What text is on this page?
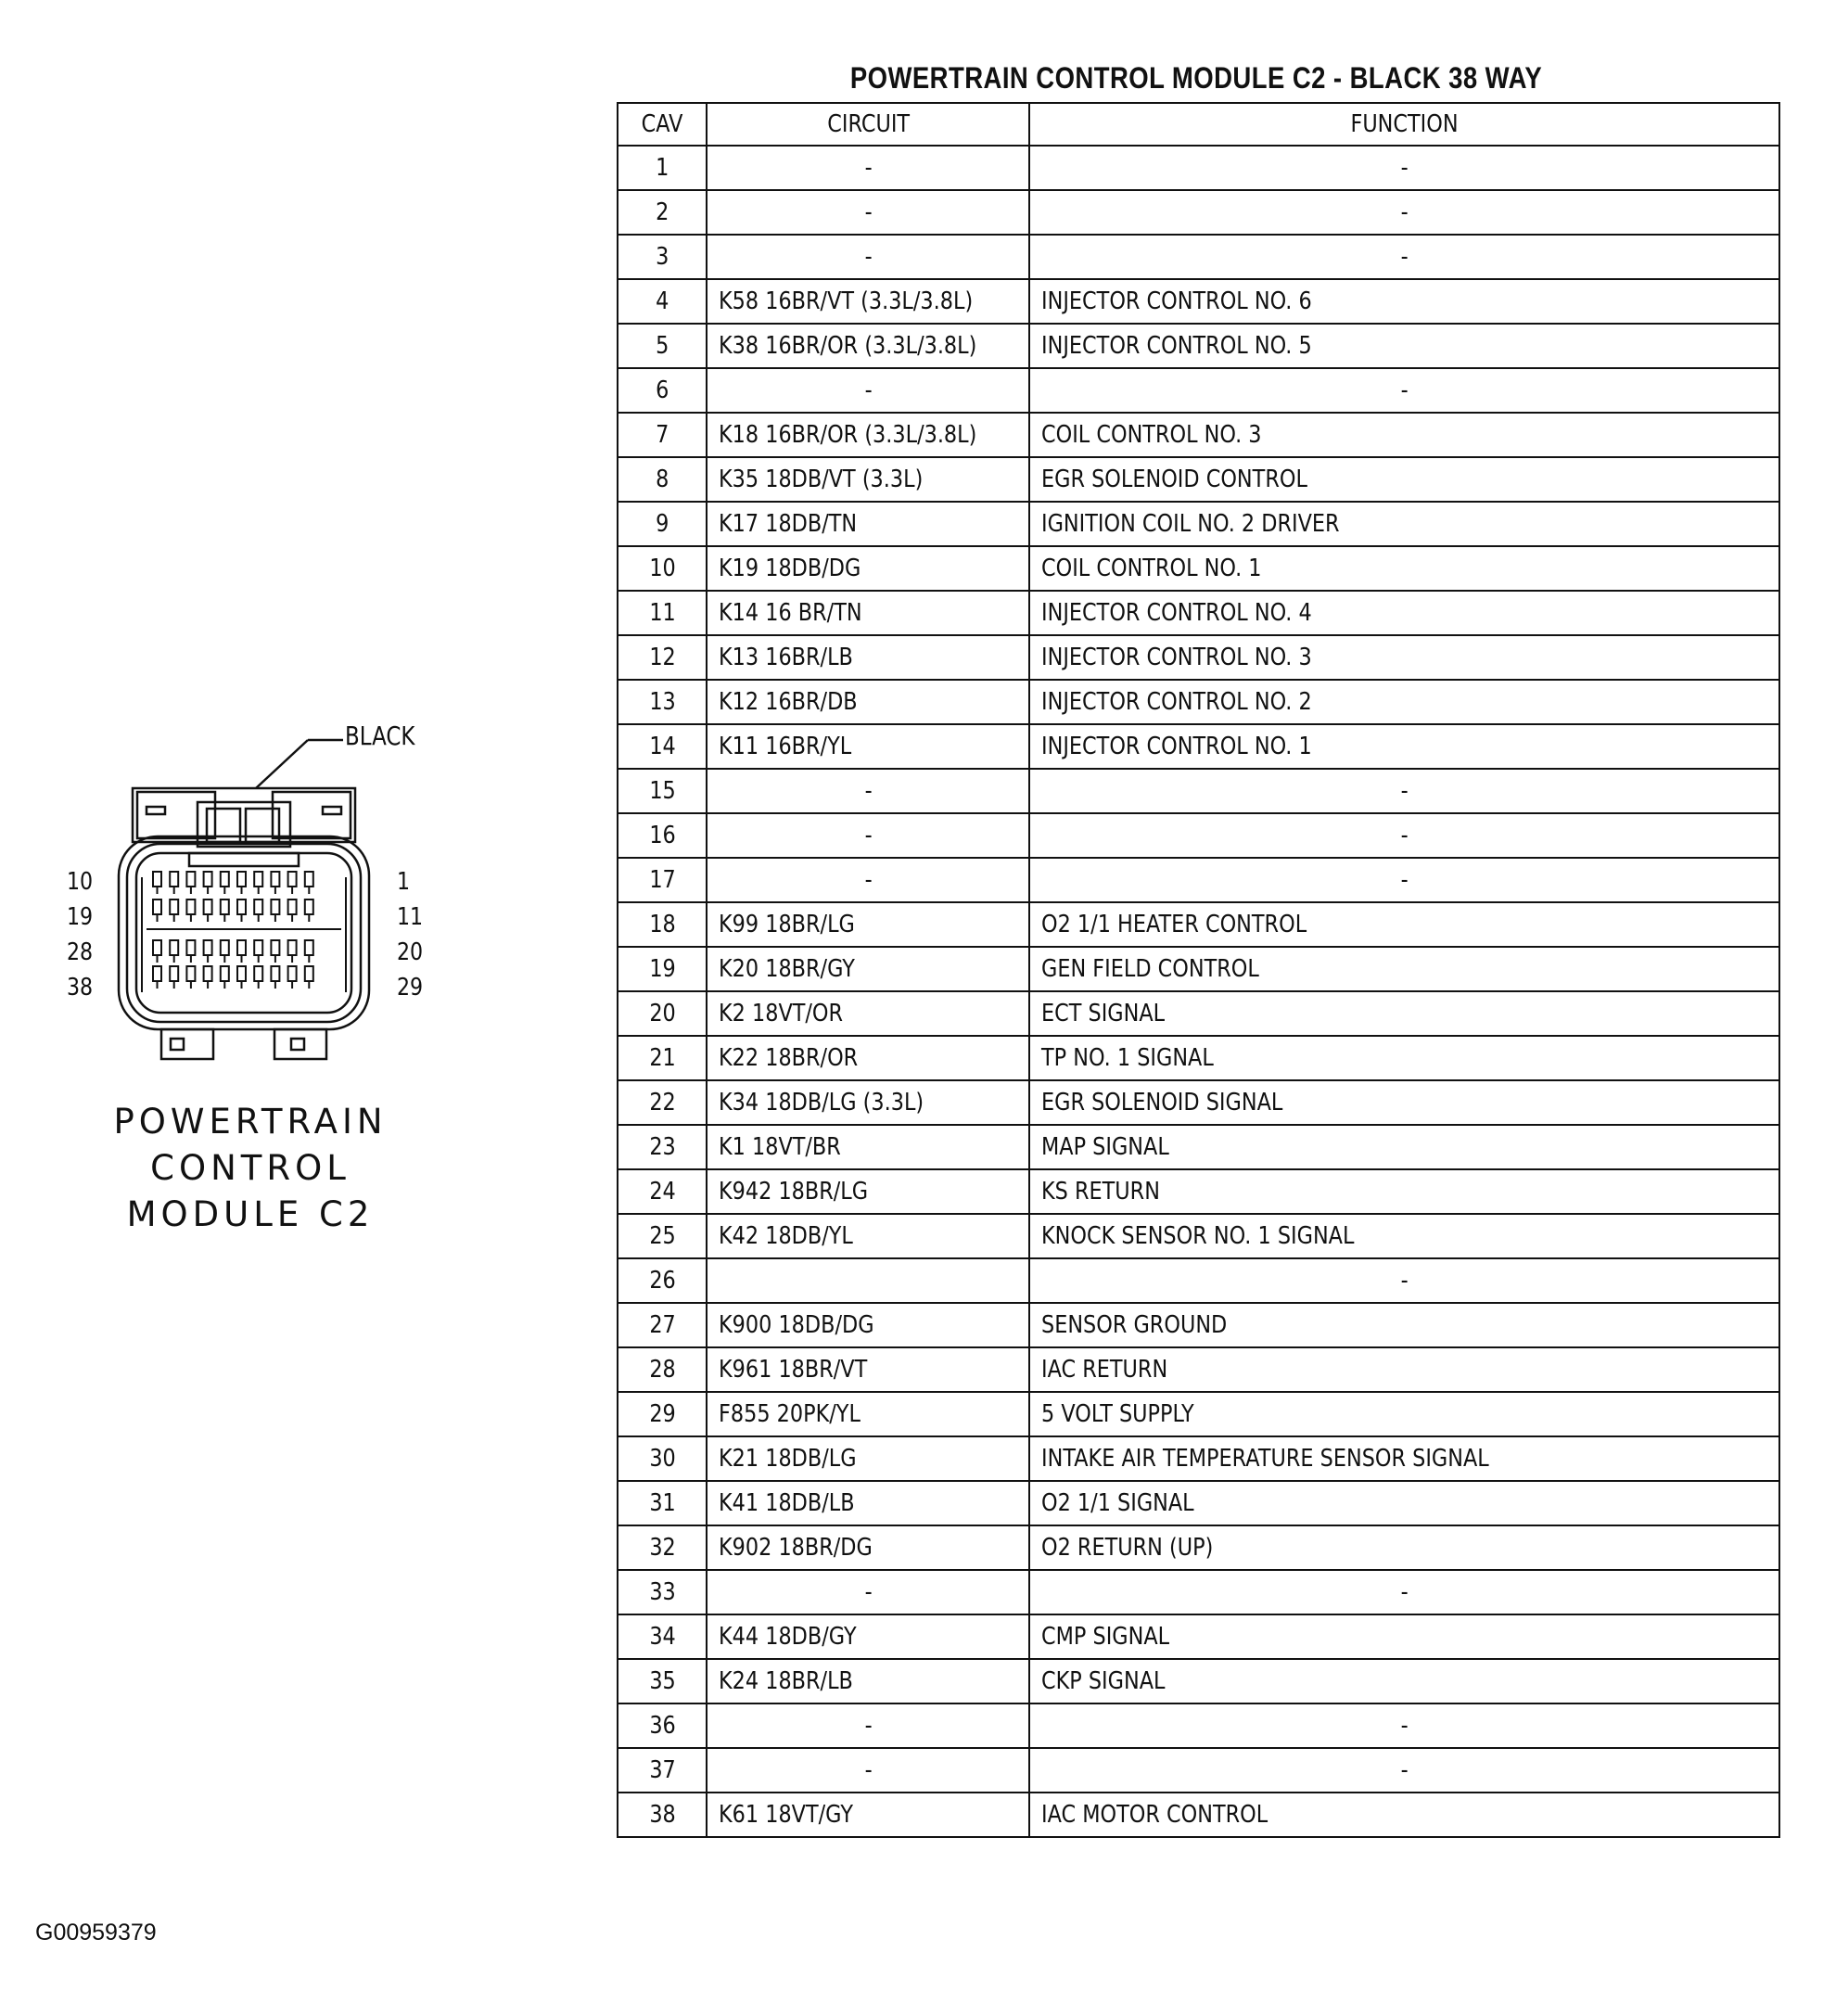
BLACK
10
19
28
38
1
11
20
29
POWERTRAIN
CONTROL
MODULE C2
G00959379
POWERTRAIN CONTROL MODULE C2 - BLACK 38 WAY
CAV	CIRCUIT	FUNCTION
1	-	-
2	-	-
3	-	-
4	K58 16BR/VT (3.3L/3.8L)	INJECTOR CONTROL NO. 6
5	K38 16BR/OR (3.3L/3.8L)	INJECTOR CONTROL NO. 5
6	-	-
7	K18 16BR/OR (3.3L/3.8L)	COIL CONTROL NO. 3
8	K35 18DB/VT (3.3L)	EGR SOLENOID CONTROL
9	K17 18DB/TN	IGNITION COIL NO. 2 DRIVER
10	K19 18DB/DG	COIL CONTROL NO. 1
11	K14 16 BR/TN	INJECTOR CONTROL NO. 4
12	K13 16BR/LB	INJECTOR CONTROL NO. 3
13	K12 16BR/DB	INJECTOR CONTROL NO. 2
14	K11 16BR/YL	INJECTOR CONTROL NO. 1
15	-	-
16	-	-
17	-	-
18	K99 18BR/LG	O2 1/1 HEATER CONTROL
19	K20 18BR/GY	GEN FIELD CONTROL
20	K2 18VT/OR	ECT SIGNAL
21	K22 18BR/OR	TP NO. 1 SIGNAL
22	K34 18DB/LG (3.3L)	EGR SOLENOID SIGNAL
23	K1 18VT/BR	MAP SIGNAL
24	K942 18BR/LG	KS RETURN
25	K42 18DB/YL	KNOCK SENSOR NO. 1 SIGNAL
26		-
27	K900 18DB/DG	SENSOR GROUND
28	K961 18BR/VT	IAC RETURN
29	F855 20PK/YL	5 VOLT SUPPLY
30	K21 18DB/LG	INTAKE AIR TEMPERATURE SENSOR SIGNAL
31	K41 18DB/LB	O2 1/1 SIGNAL
32	K902 18BR/DG	O2 RETURN (UP)
33	-	-
34	K44 18DB/GY	CMP SIGNAL
35	K24 18BR/LB	CKP SIGNAL
36	-	-
37	-	-
38	K61 18VT/GY	IAC MOTOR CONTROL
